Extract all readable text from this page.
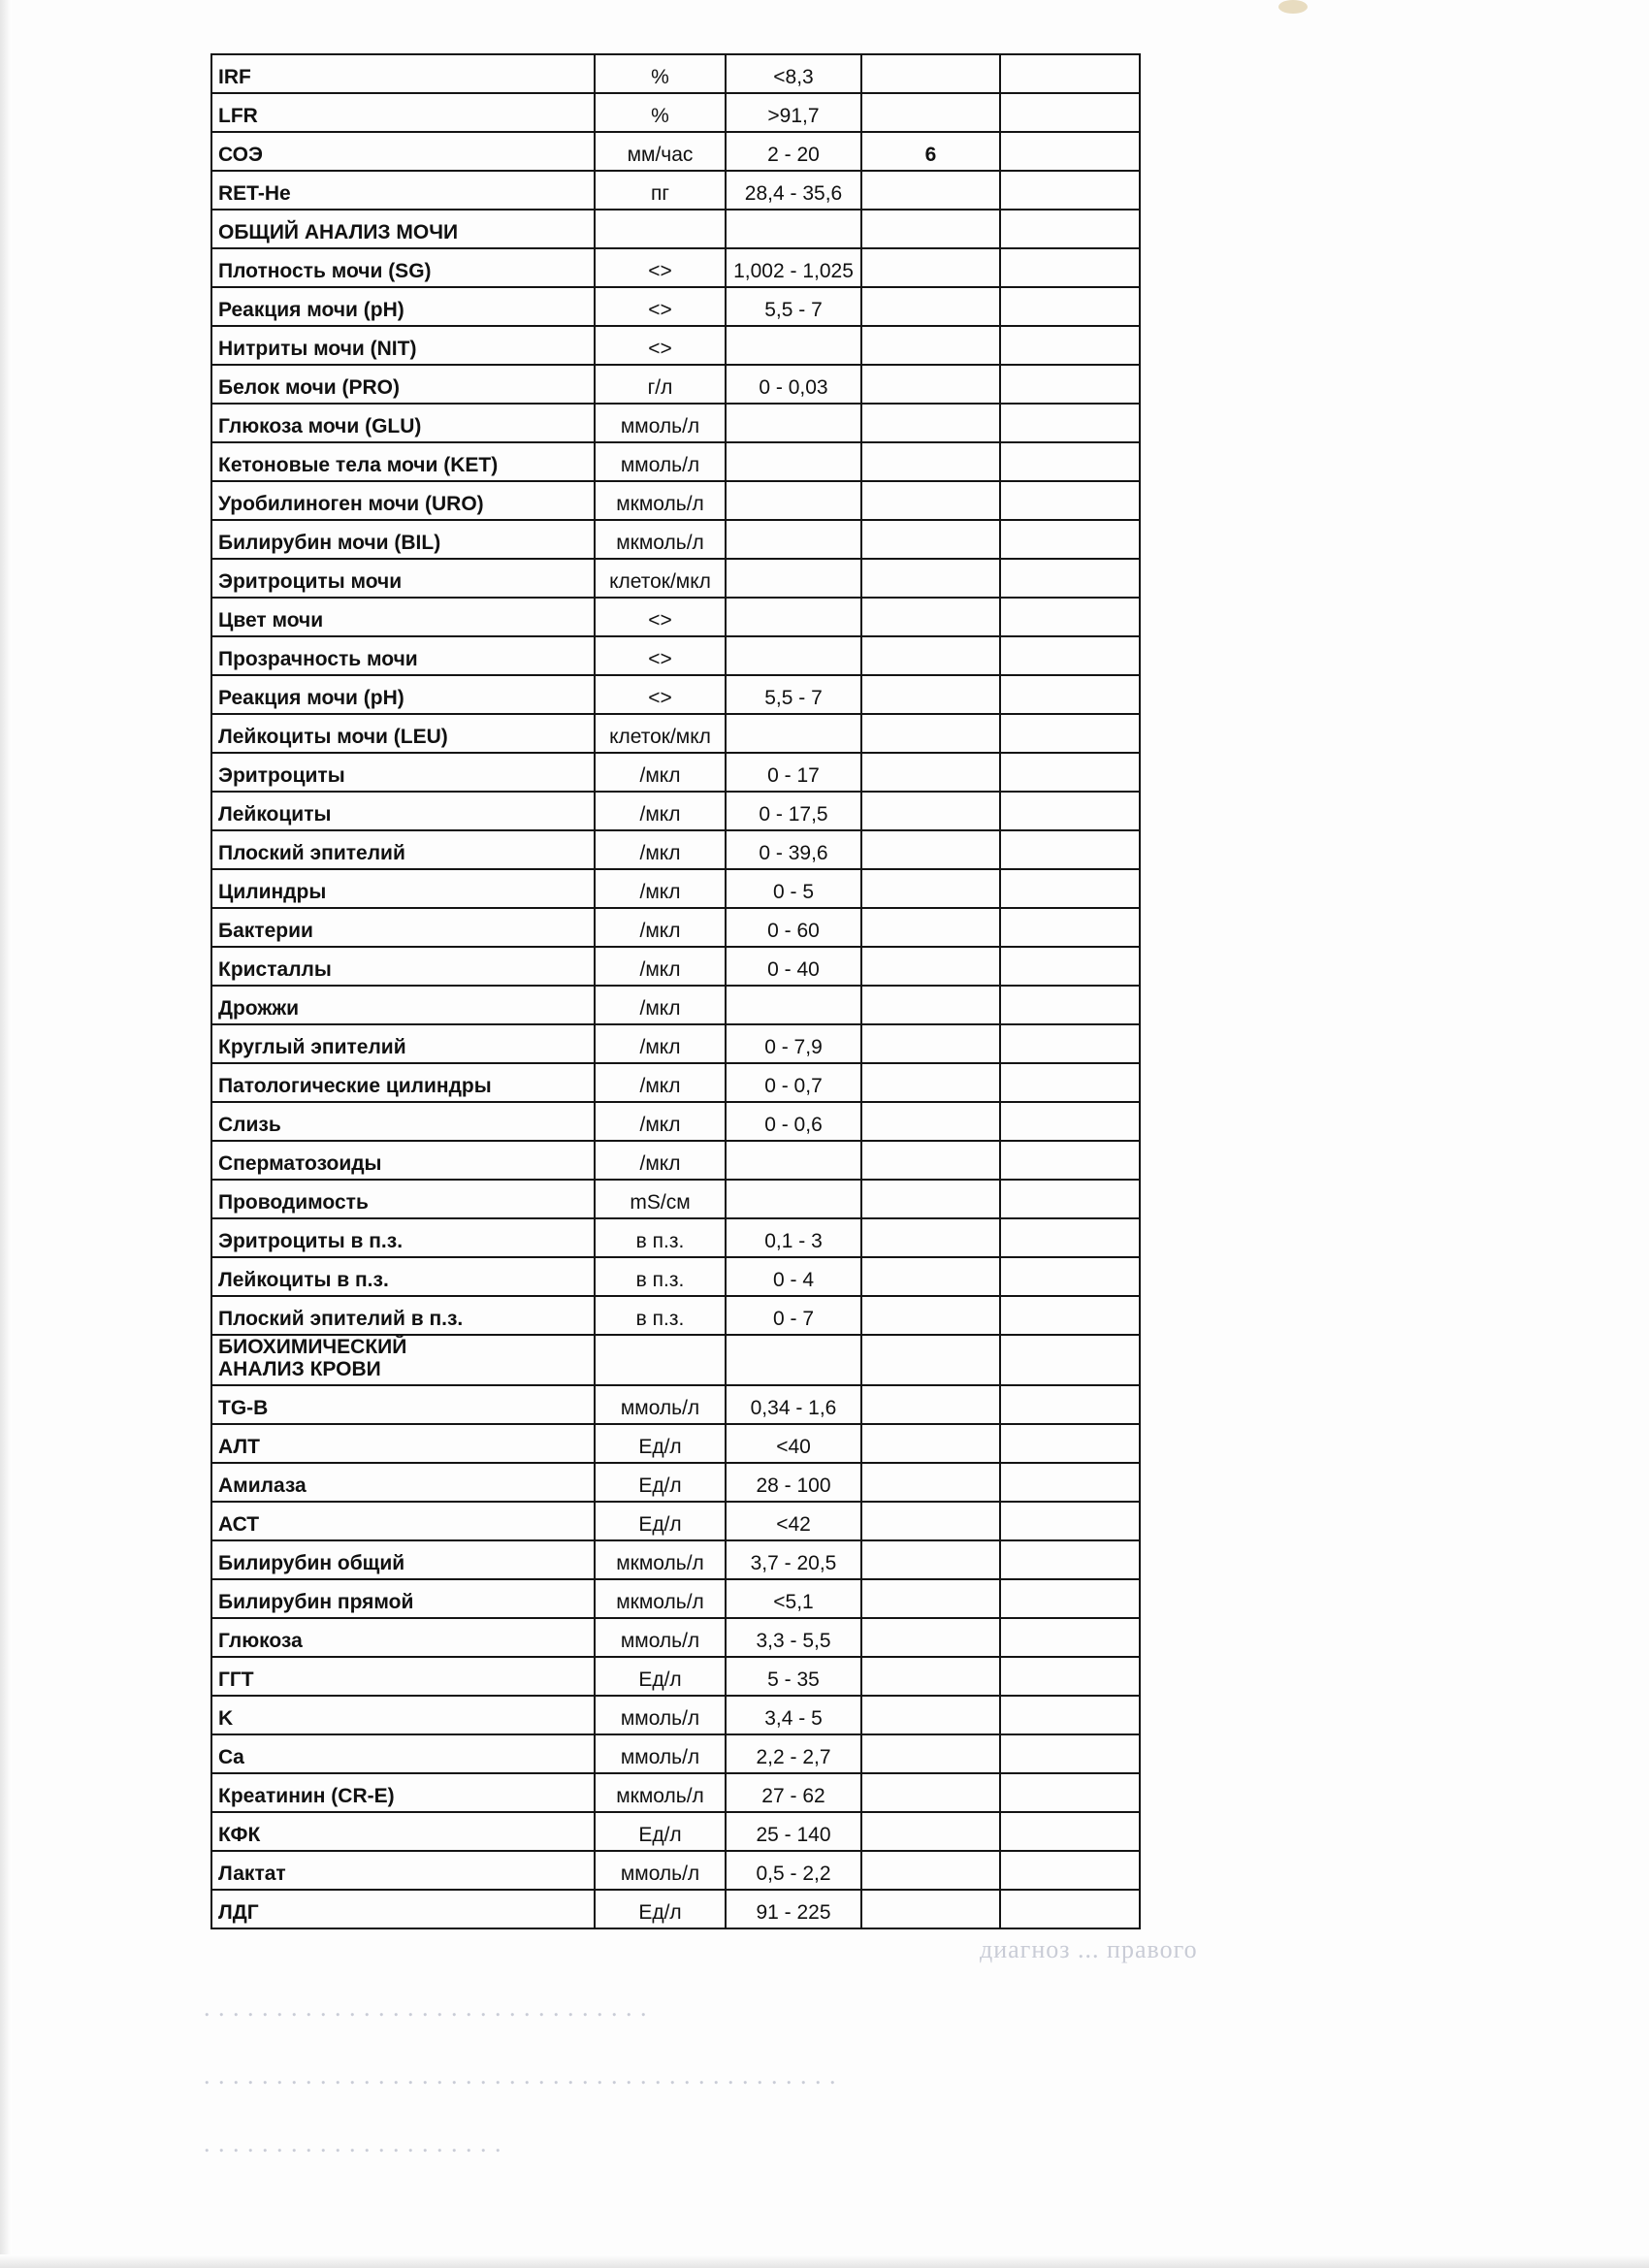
диагноз ... правого
. . . . . . . . . . . . . . . . . . . . . . . . . . . . . . .
. . . . . . . . . . . . . . . . . . . . . . . . . . . . . . . . . . . . . . . . . . . .
. . . . . . . . . . . . . . . . . . . . .
IRF	%	<8,3		
LFR	%	>91,7		
СОЭ	мм/час	2 - 20	6	
RET-He	пг	28,4 - 35,6		
ОБЩИЙ АНАЛИЗ МОЧИ				
Плотность мочи (SG)	<>	1,002 - 1,025		
Реакция мочи (pH)	<>	5,5 - 7		
Нитриты мочи (NIT)	<>			
Белок мочи (PRO)	г/л	0 - 0,03		
Глюкоза мочи (GLU)	ммоль/л			
Кетоновые тела мочи (KET)	ммоль/л			
Уробилиноген мочи (URO)	мкмоль/л			
Билирубин мочи (BIL)	мкмоль/л			
Эритроциты мочи	клеток/мкл			
Цвет мочи	<>			
Прозрачность мочи	<>			
Реакция мочи (pH)	<>	5,5 - 7		
Лейкоциты мочи (LEU)	клеток/мкл			
Эритроциты	/мкл	0 - 17		
Лейкоциты	/мкл	0 - 17,5		
Плоский эпителий	/мкл	0 - 39,6		
Цилиндры	/мкл	0 - 5		
Бактерии	/мкл	0 - 60		
Кристаллы	/мкл	0 - 40		
Дрожжи	/мкл			
Круглый эпителий	/мкл	0 - 7,9		
Патологические цилиндры	/мкл	0 - 0,7		
Слизь	/мкл	0 - 0,6		
Сперматозоиды	/мкл			
Проводимость	mS/см			
Эритроциты в п.з.	в п.з.	0,1 - 3		
Лейкоциты в п.з.	в п.з.	0 - 4		
Плоский эпителий в п.з.	в п.з.	0 - 7		
БИОХИМИЧЕСКИЙ АНАЛИЗ КРОВИ				
TG-B	ммоль/л	0,34 - 1,6		
АЛТ	Ед/л	<40		
Амилаза	Ед/л	28 - 100		
АСТ	Ед/л	<42		
Билирубин общий	мкмоль/л	3,7 - 20,5		
Билирубин прямой	мкмоль/л	<5,1		
Глюкоза	ммоль/л	3,3 - 5,5		
ГГТ	Ед/л	5 - 35		
K	ммоль/л	3,4 - 5		
Ca	ммоль/л	2,2 - 2,7		
Креатинин (CR-E)	мкмоль/л	27 - 62		
КФК	Ед/л	25 - 140		
Лактат	ммоль/л	0,5 - 2,2		
ЛДГ	Ед/л	91 - 225		
